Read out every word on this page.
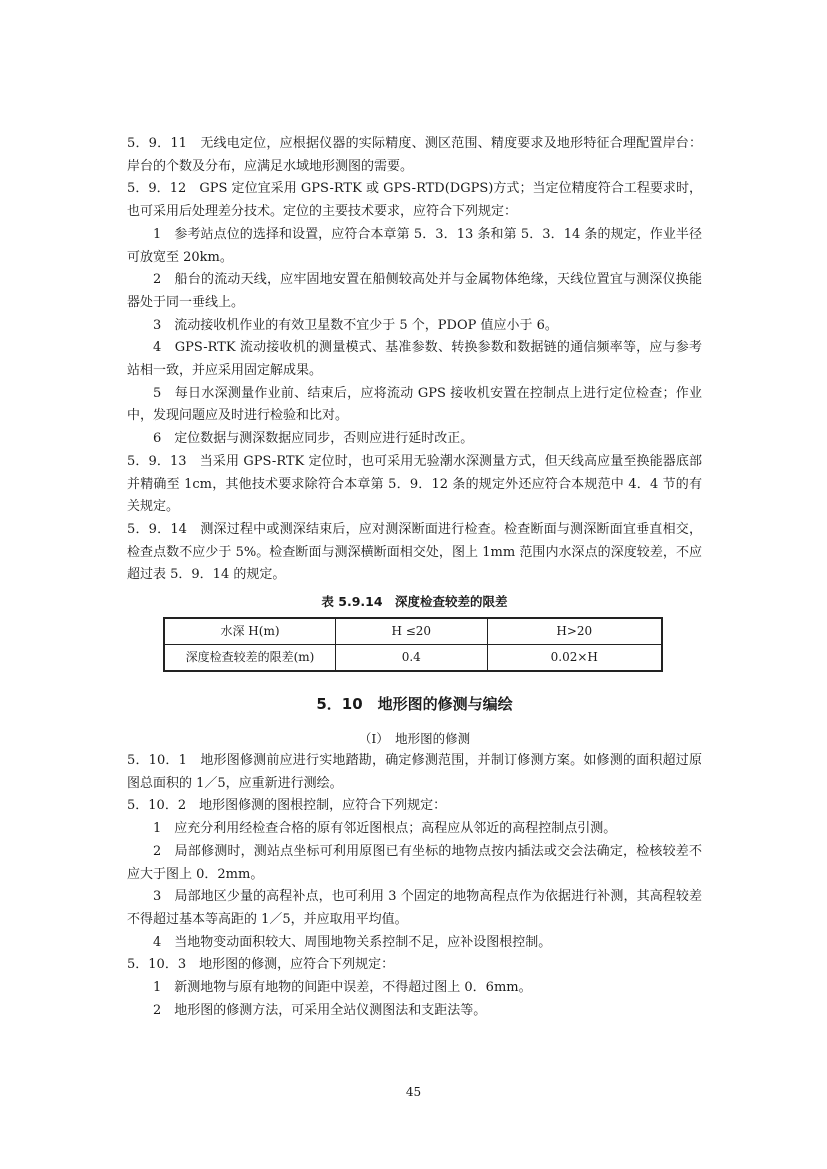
5．9．11　无线电定位，应根据仪器的实际精度、测区范围、精度要求及地形特征合理配置岸台：岸台的个数及分布，应满足水域地形测图的需要。

5．9．12　GPS 定位宜采用 GPS-RTK 或 GPS-RTD(DGPS)方式；当定位精度符合工程要求时，也可采用后处理差分技术。定位的主要技术要求，应符合下列规定：

1　参考站点位的选择和设置，应符合本章第 5．3．13 条和第 5．3．14 条的规定，作业半径可放宽至 20km。

2　船台的流动天线，应牢固地安置在船侧较高处并与金属物体绝缘，天线位置宜与测深仪换能器处于同一垂线上。

3　流动接收机作业的有效卫星数不宜少于 5 个，PDOP 值应小于 6。

4　GPS-RTK 流动接收机的测量模式、基准参数、转换参数和数据链的通信频率等，应与参考站相一致，并应采用固定解成果。

5　每日水深测量作业前、结束后，应将流动 GPS 接收机安置在控制点上进行定位检查；作业中，发现问题应及时进行检验和比对。

6　定位数据与测深数据应同步，否则应进行延时改正。

5．9．13　当采用 GPS-RTK 定位时，也可采用无验潮水深测量方式，但天线高应量至换能器底部并精确至 1cm，其他技术要求除符合本章第 5．9．12 条的规定外还应符合本规范中 4．4 节的有关规定。

5．9．14　测深过程中或测深结束后，应对测深断面进行检查。检查断面与测深断面宜垂直相交，检查点数不应少于 5%。检查断面与测深横断面相交处，图上 1mm 范围内水深点的深度较差，不应超过表 5．9．14 的规定。

表 5.9.14　深度检查较差的限差
水深 H(m)	H ≤20	H>20
深度检查较差的限差(m)	0.4	0.02×H
5．10　地形图的修测与编绘
（Ⅰ）　地形图的修测

5．10．1　地形图修测前应进行实地踏勘，确定修测范围，并制订修测方案。如修测的面积超过原图总面积的 1／5，应重新进行测绘。

5．10．2　地形图修测的图根控制，应符合下列规定：

1　应充分利用经检查合格的原有邻近图根点；高程应从邻近的高程控制点引测。

2　局部修测时，测站点坐标可利用原图已有坐标的地物点按内插法或交会法确定，检核较差不应大于图上 0．2mm。

3　局部地区少量的高程补点，也可利用 3 个固定的地物高程点作为依据进行补测，其高程较差不得超过基本等高距的 1／5，并应取用平均值。

4　当地物变动面积较大、周围地物关系控制不足，应补设图根控制。

5．10．3　地形图的修测，应符合下列规定：

1　新测地物与原有地物的间距中误差，不得超过图上 0．6mm。

2　地形图的修测方法，可采用全站仪测图法和支距法等。

45
